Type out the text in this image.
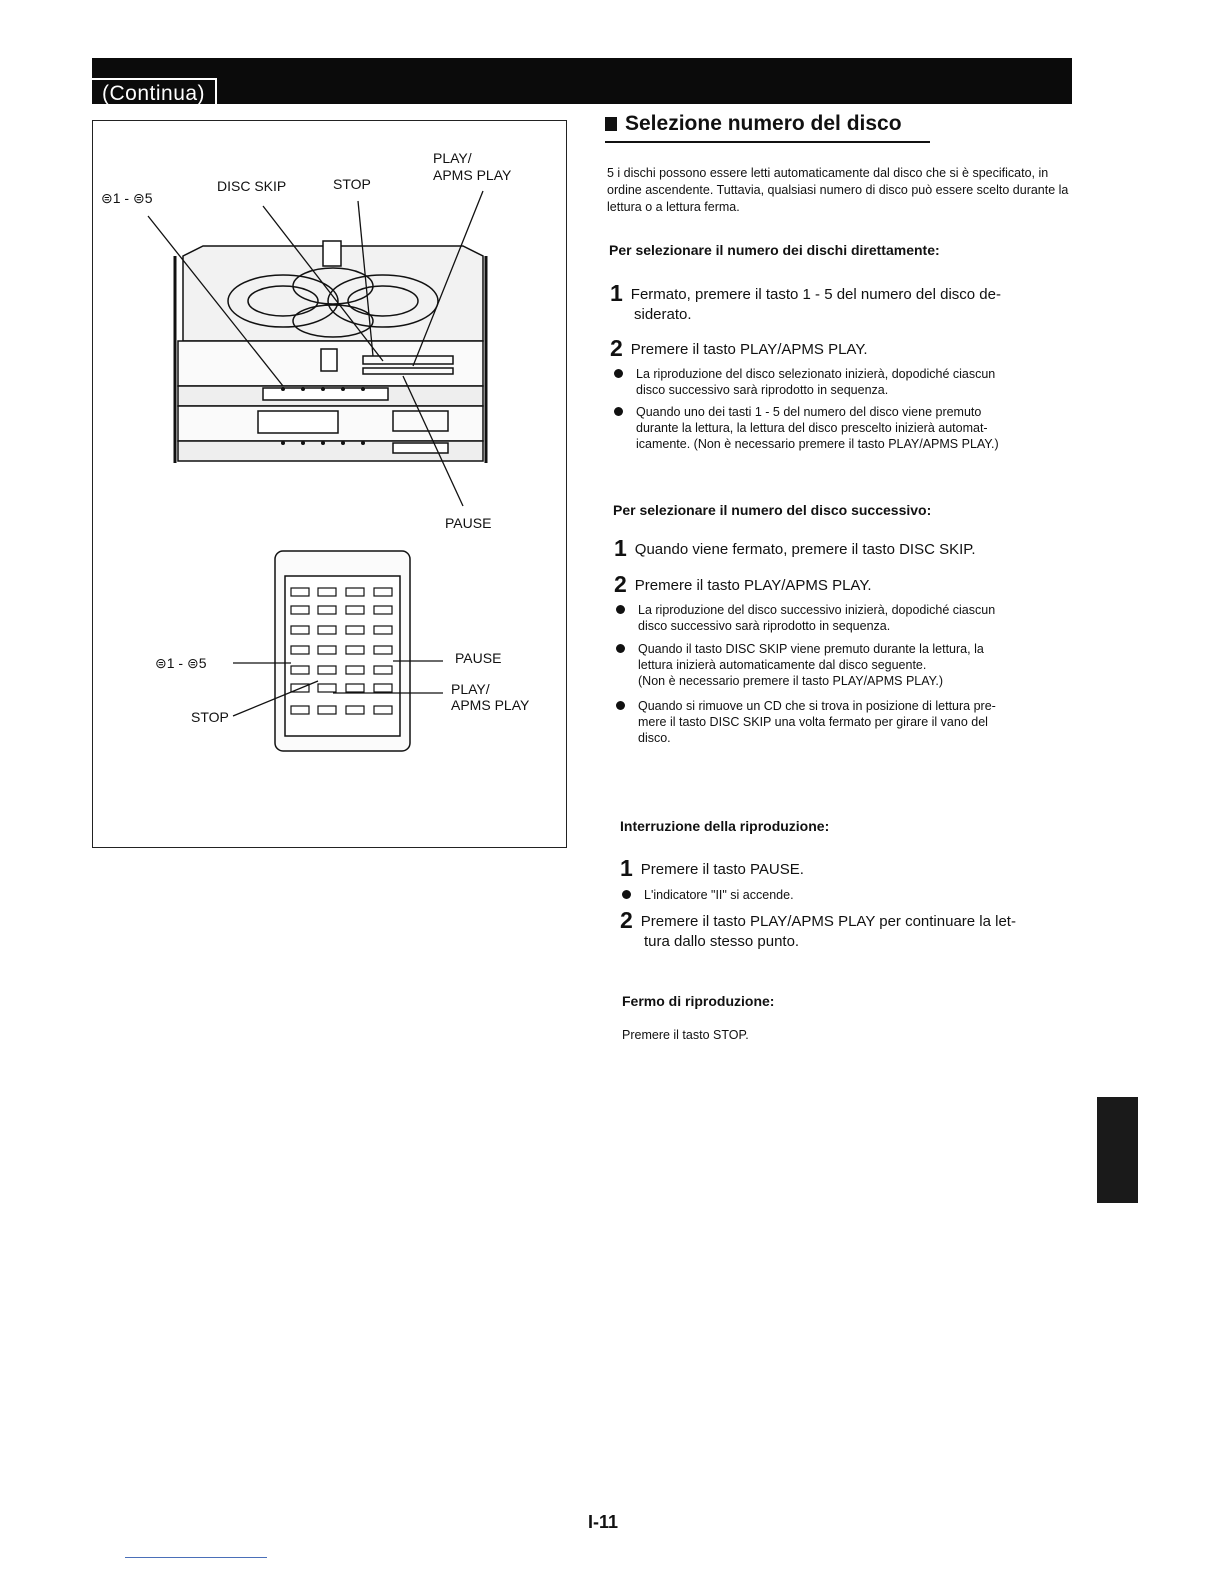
(Continua)
⊜1 - ⊜5
DISC SKIP	STOP
PLAY/
APMS PLAY
PAUSE
⊜1 - ⊜5
STOP
PAUSE
PLAY/
APMS PLAY
Selezione numero del disco
5 i dischi possono essere letti automaticamente dal disco che si è specificato, in ordine ascendente. Tuttavia, qualsiasi numero di disco può essere scelto durante la lettura o a lettura ferma.
Per selezionare il numero dei dischi direttamente:
1 Fermato, premere il tasto 1 - 5 del numero del disco de-
siderato.
2 Premere il tasto PLAY/APMS PLAY.
La riproduzione del disco selezionato inizierà, dopodiché ciascun
disco successivo sarà riprodotto in sequenza.
Quando uno dei tasti 1 - 5 del numero del disco viene premuto
durante la lettura, la lettura del disco prescelto inizierà automat-
icamente. (Non è necessario premere il tasto PLAY/APMS PLAY.)
Per selezionare il numero del disco successivo:
1 Quando viene fermato, premere il tasto DISC SKIP.
2 Premere il tasto PLAY/APMS PLAY.
La riproduzione del disco successivo inizierà, dopodiché ciascun
disco successivo sarà riprodotto in sequenza.
Quando il tasto DISC SKIP viene premuto durante la lettura, la
lettura inizierà automaticamente dal disco seguente.
(Non è necessario premere il tasto PLAY/APMS PLAY.)
Quando si rimuove un CD che si trova in posizione di lettura pre-
mere il tasto DISC SKIP una volta fermato per girare il vano del
disco.
Interruzione della riproduzione:
1 Premere il tasto PAUSE.
L'indicatore "II" si accende.
2 Premere il tasto PLAY/APMS PLAY per continuare la let-
tura dallo stesso punto.
Fermo di riproduzione:
Premere il tasto STOP.
I-11
